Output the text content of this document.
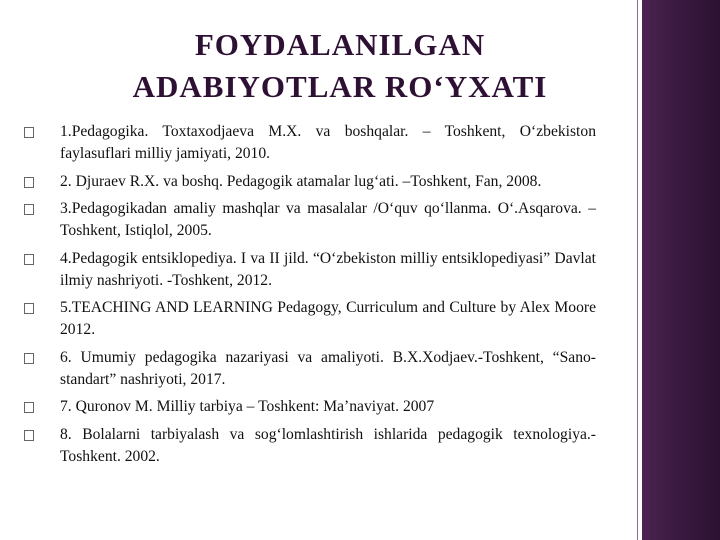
FOYDALANILGAN
ADABIYOTLAR RO‘YXATI
1.Pedagogika. Toxtaxodjaeva M.X. va boshqalar. – Toshkent, O‘zbekiston faylasuflari milliy jamiyati, 2010.
2. Djuraev R.X. va boshq. Pedagogik atamalar lug‘ati. –Toshkent, Fan, 2008.
3.Pedagogikadan amaliy mashqlar va masalalar /O‘quv qo‘llanma. O‘.Asqarova. –Toshkent, Istiqlol, 2005.
4.Pedagogik entsiklopediya. I va II jild. “O‘zbekiston milliy entsiklopediyasi” Davlat ilmiy nashriyoti. -Toshkent, 2012.
5.TEACHING AND LEARNING Pedagogy, Curriculum and Culture by Alex Moore 2012.
6. Umumiy pedagogika nazariyasi va amaliyoti. B.X.Xodjaev.-Toshkent, “Sano-standart” nashriyoti, 2017.
7. Quronov M. Milliy tarbiya – Toshkent: Ma’naviyat. 2007
8. Bolalarni tarbiyalash va sog‘lomlashtirish ishlarida pedagogik texnologiya.-Toshkent. 2002.
